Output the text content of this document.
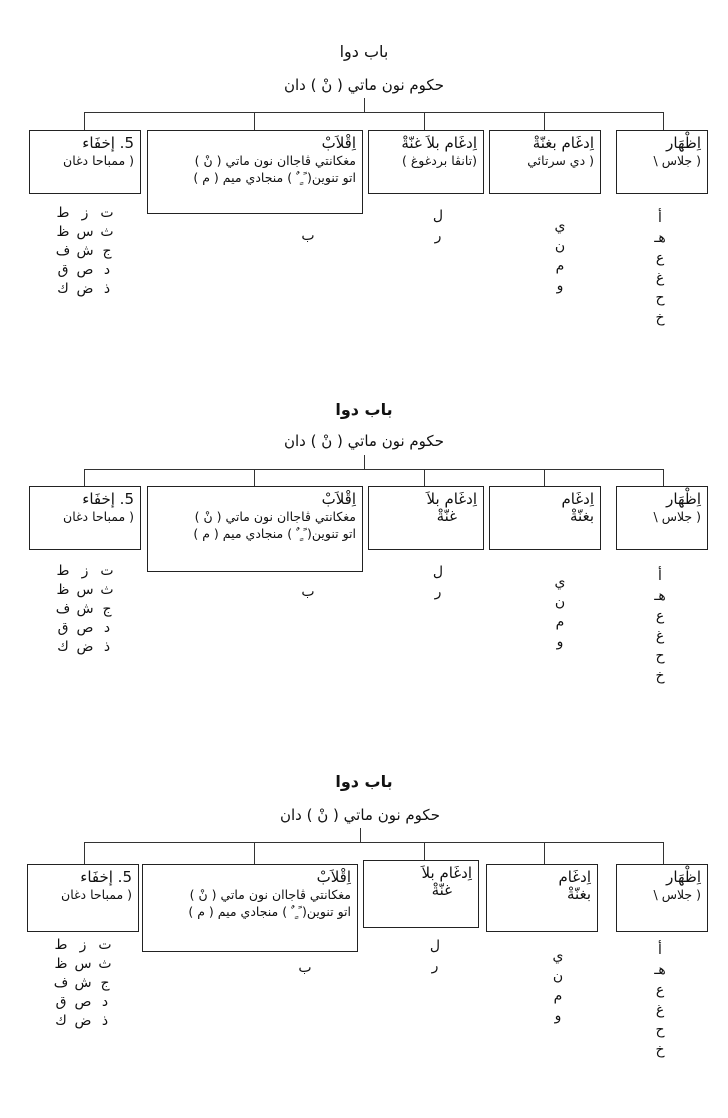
باب دوا
حكوم نون ماتي ( نْ ) دان
اِظْهَار
( جلاس \
اِدغَام بغنّةْ
( دي سرتائي
اِدغَام بلاَ غنّةْ
(تانڤا بردغوغ )
اِقْلاَبْ
مغكانتي ڤاجاان نون ماتي ( نْ )
اتو تنوين( ً ٍ ٌ ) منجادي ميم ( م )
5. إخفَاء
( ممباحا دغان
أ
هـ
ع
غ
ح
خ
ي
ن
م
و
ل
ر
ب
ت
ز
ط
ث
س
ظ
ج
ش
ف
د
ص
ق
ذ
ض
ك
باب دوا
حكوم نون ماتي ( نْ ) دان
اِظْهَار
( جلاس \
اِدغَام
بغنّةْ
اِدغَام بلاَ
غنّةْ
اِقْلاَبْ
مغكانتي ڤاجاان نون ماتي ( نْ )
اتو تنوين( ً ٍ ٌ ) منجادي ميم ( م )
5. إخفَاء
( ممباحا دغان
أ
هـ
ع
غ
ح
خ
ي
ن
م
و
ل
ر
ب
ت
ز
ط
ث
س
ظ
ج
ش
ف
د
ص
ق
ذ
ض
ك
باب دوا
حكوم نون ماتي ( نْ ) دان
اِظْهَار
( جلاس \
اِدغَام
بغنّةْ
اِدغَام بلاَ
غنّةْ
اِقْلاَبْ
مغكانتي ڤاجاان نون ماتي ( نْ )
اتو تنوين( ً ٍ ٌ ) منجادي ميم ( م )
5. إخفَاء
( ممباحا دغان
أ
هـ
ع
غ
ح
خ
ي
ن
م
و
ل
ر
ب
ت
ز
ط
ث
س
ظ
ج
ش
ف
د
ص
ق
ذ
ض
ك
